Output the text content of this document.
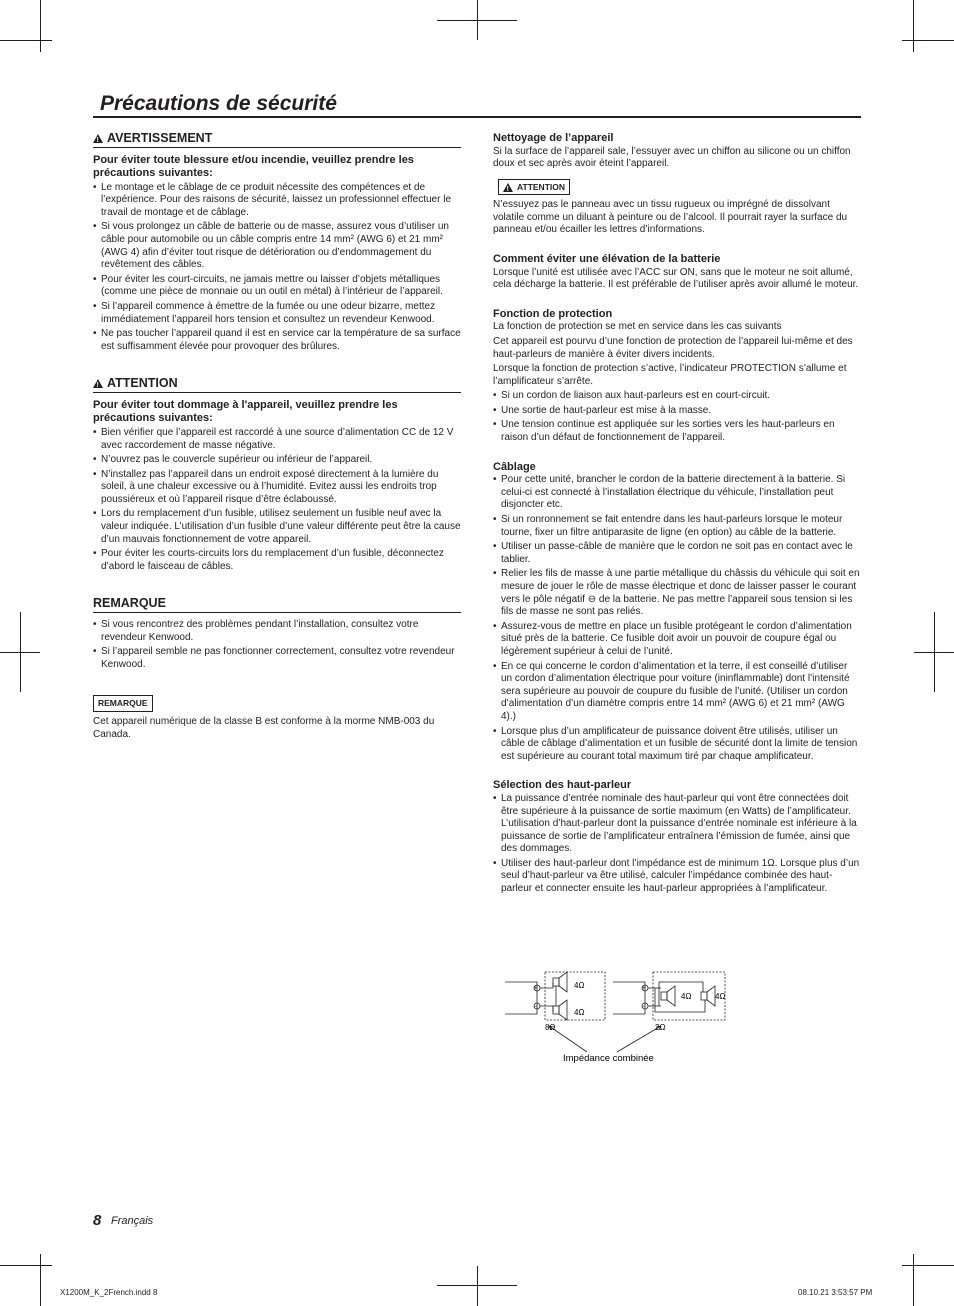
Précautions de sécurité
!
AVERTISSEMENT

Pour éviter toute blessure et/ou incendie, veuillez prendre les précautions suivantes:

• Le montage et le câblage de ce produit nécessite des compétences et de l’expérience. Pour des raisons de sécurité, laissez un professionnel effectuer le travail de montage et de câblage.
• Si vous prolongez un câble de batterie ou de masse, assurez vous d’utiliser un câble pour automobile ou un câble compris entre 14 mm² (AWG 6) et 21 mm² (AWG 4) afin d’éviter tout risque de détérioration ou d’endommagement du revêtement des câbles.
• Pour éviter les court-circuits, ne jamais mettre ou laisser d’objets métalliques (comme une pièce de monnaie ou un outil en métal) à l’intérieur de l’appareil.
• Si l’appareil commence à émettre de la fumée ou une odeur bizarre, mettez immédiatement l’appareil hors tension et consultez un revendeur Kenwood.
• Ne pas toucher l’appareil quand il est en service car la température de sa surface est suffisamment élevée pour provoquer des brûlures.
!
ATTENTION

Pour éviter tout dommage à l'appareil, veuillez prendre les précautions suivantes:

• Bien vérifier que l’appareil est raccordé à une source d’alimentation CC de 12 V avec raccordement de masse négative.
• N’ouvrez pas le couvercle supérieur ou inférieur de l’appareil.
• N’installez pas l’appareil dans un endroit exposé directement à la lumière du soleil, à une chaleur excessive ou à l’humidité. Evitez aussi les endroits trop poussiéreux et où l’appareil risque d’être éclaboussé.
• Lors du remplacement d’un fusible, utilisez seulement un fusible neuf avec la valeur indiquée. L’utilisation d’un fusible d’une valeur différente peut être la cause d’un mauvais fonctionnement de votre appareil.
• Pour éviter les courts-circuits lors du remplacement d’un fusible, déconnectez d’abord le faisceau de câbles.
REMARQUE
• Si vous rencontrez des problèmes pendant l’installation, consultez votre revendeur Kenwood.
• Si l’appareil semble ne pas fonctionner correctement, consultez votre revendeur Kenwood.
REMARQUE

Cet appareil numérique de la classe B est conforme à la morme NMB-003 du Canada.

Nettoyage de l’appareil

Si la surface de l’appareil sale, l’essuyer avec un chiffon au silicone ou un chiffon doux et sec après avoir éteint l’appareil.

!
ATTENTION

N’essuyez pas le panneau avec un tissu rugueux ou imprégné de dissolvant volatile comme un diluant à peinture ou de l’alcool. Il pourrait rayer la surface du panneau et/ou écailler les lettres d’informations.

Comment éviter une élévation de la batterie

Lorsque l’unité est utilisée avec l’ACC sur ON, sans que le moteur ne soit allumé, cela décharge la batterie. Il est préférable de l’utiliser après avoir allumé le moteur.

Fonction de protection

La fonction de protection se met en service dans les cas suivants

Cet appareil est pourvu d’une fonction de protection de l’appareil lui-même et des haut-parleurs de manière à éviter divers incidents.

Lorsque la fonction de protection s’active, l’indicateur PROTECTION s’allume et l’amplificateur s’arrête.

• Si un cordon de liaison aux haut-parleurs est en court-circuit.
• Une sortie de haut-parleur est mise à la masse.
• Une tension continue est appliquée sur les sorties vers les haut-parleurs en raison d’un défaut de fonctionnement de l’appareil.

Câblage

• Pour cette unité, brancher le cordon de la batterie directement à la batterie. Si celui-ci est connecté à l’installation électrique du véhicule, l’installation peut disjoncter etc.
• Si un ronronnement se fait entendre dans les haut-parleurs lorsque le moteur tourne, fixer un filtre antiparasite de ligne (en option) au câble de la batterie.
• Utiliser un passe-câble de manière que le cordon ne soit pas en contact avec le tablier.
• Relier les fils de masse à une partie métallique du châssis du véhicule qui soit en mesure de jouer le rôle de masse électrique et donc de laisser passer le courant vers le pôle négatif ⊖ de la batterie. Ne pas mettre l’appareil sous tension si les fils de masse ne sont pas reliés.
• Assurez-vous de mettre en place un fusible protégeant le cordon d’alimentation situé près de la batterie. Ce fusible doit avoir un pouvoir de coupure égal ou légèrement supérieur à celui de l’unité.
• En ce qui concerne le cordon d’alimentation et la terre, il est conseillé d’utiliser un cordon d’alimentation électrique pour voiture (ininflammable) dont l’intensité sera supérieure au pouvoir de coupure du fusible de l’unité. (Utiliser un cordon d’alimentation d’un diamètre compris entre 14 mm² (AWG 6) et 21 mm² (AWG 4).)
• Lorsque plus d’un amplificateur de puissance doivent être utilisés, utiliser un câble de câblage d’alimentation et un fusible de sécurité dont la limite de tension est supérieure au courant total maximum tiré par chaque amplificateur.

Sélection des haut-parleur

• La puissance d’entrée nominale des haut-parleur qui vont être connectées doit être supérieure à la puissance de sortie maximum (en Watts) de l’amplificateur. L’utilisation d’haut-parleur dont la puissance d’entrée nominale est inférieure à la puissance de sortie de l’amplificateur entraînera l’émission de fumée, ainsi que des dommages.
• Utiliser des haut-parleur dont l’impédance est de minimum 1Ω. Lorsque plus d’un seul d’haut-parleur va être utilisé, calculer l’impédance combinée des haut-parleur et connecter ensuite les haut-parleur appropriées à l’amplificateur.
+
−
+
−
4Ω
4Ω
8Ω
4Ω	4Ω
2Ω
Impédance combinée
8 Français
X1200M_K_2French.indd 8	08.10.21 3:53:57 PM
